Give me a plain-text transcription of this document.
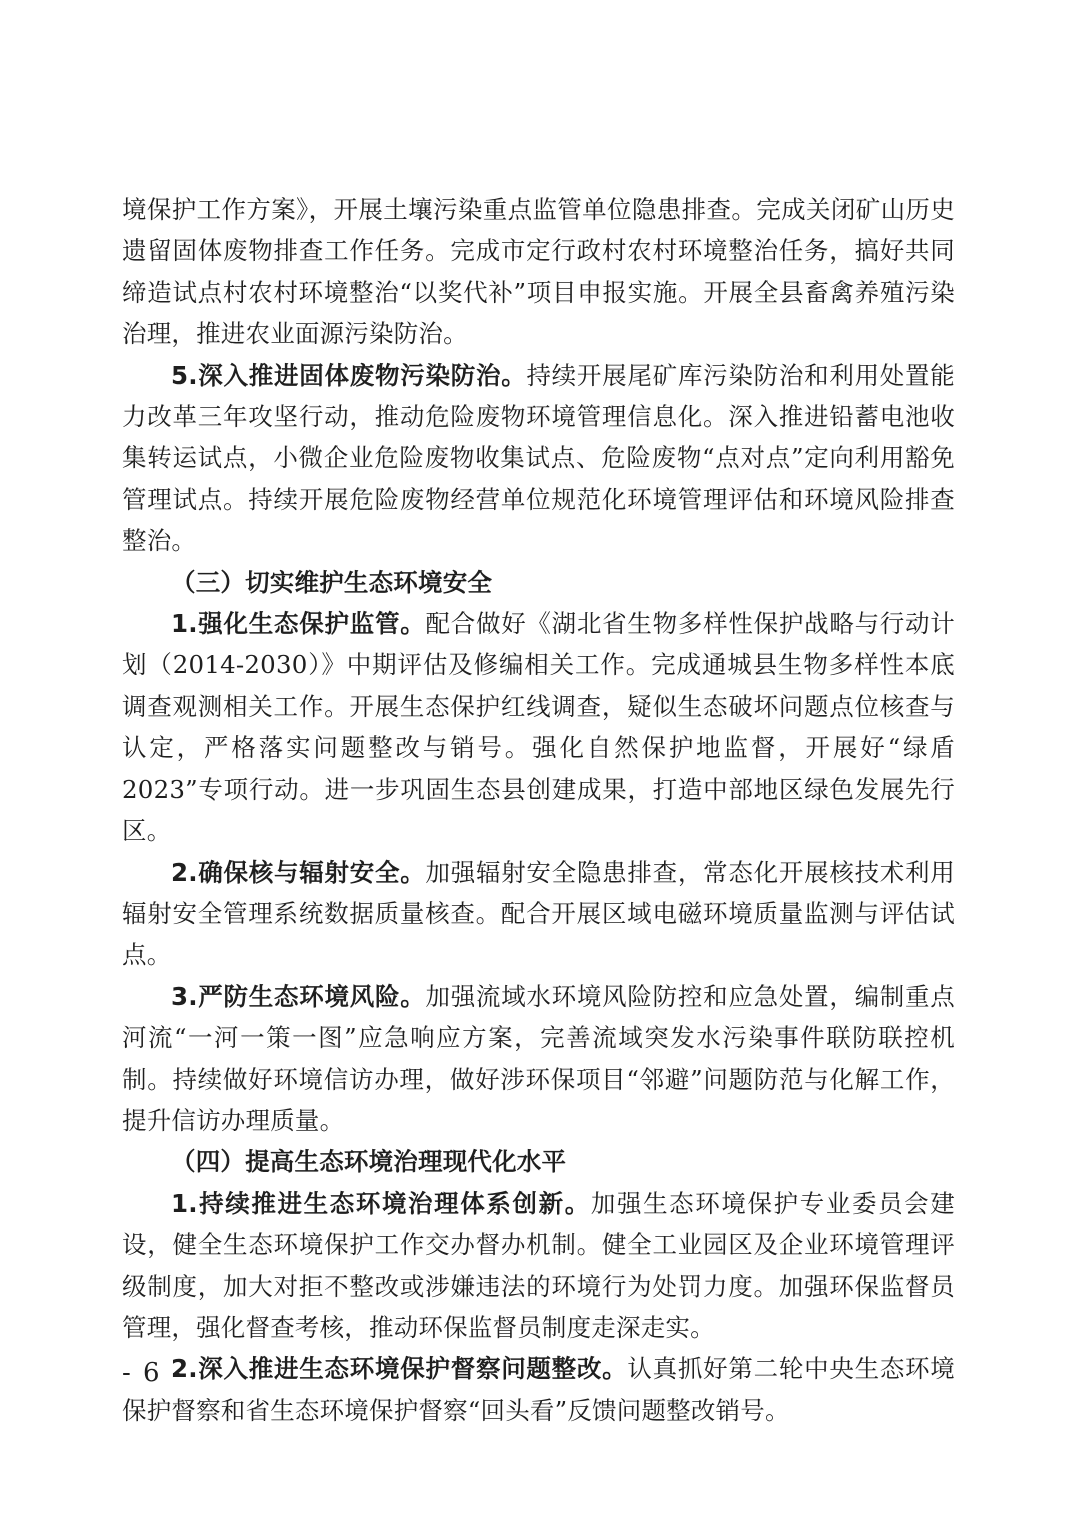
境保护工作方案》，开展土壤污染重点监管单位隐患排查。完成关闭矿山历史遗留固体废物排查工作任务。完成市定行政村农村环境整治任务，搞好共同缔造试点村农村环境整治“以奖代补”项目申报实施。开展全县畜禽养殖污染治理，推进农业面源污染防治。
5.深入推进固体废物污染防治。持续开展尾矿库污染防治和利用处置能力改革三年攻坚行动，推动危险废物环境管理信息化。深入推进铅蓄电池收集转运试点，小微企业危险废物收集试点、危险废物“点对点”定向利用豁免管理试点。持续开展危险废物经营单位规范化环境管理评估和环境风险排查整治。
（三）切实维护生态环境安全
1.强化生态保护监管。配合做好《湖北省生物多样性保护战略与行动计划（2014-2030）》中期评估及修编相关工作。完成通城县生物多样性本底调查观测相关工作。开展生态保护红线调查，疑似生态破坏问题点位核查与认定，严格落实问题整改与销号。强化自然保护地监督，开展好“绿盾 2023”专项行动。进一步巩固生态县创建成果，打造中部地区绿色发展先行区。
2.确保核与辐射安全。加强辐射安全隐患排查，常态化开展核技术利用辐射安全管理系统数据质量核查。配合开展区域电磁环境质量监测与评估试点。
3.严防生态环境风险。加强流域水环境风险防控和应急处置，编制重点河流“一河一策一图”应急响应方案，完善流域突发水污染事件联防联控机制。持续做好环境信访办理，做好涉环保项目“邻避”问题防范与化解工作，提升信访办理质量。
（四）提高生态环境治理现代化水平
1.持续推进生态环境治理体系创新。加强生态环境保护专业委员会建设，健全生态环境保护工作交办督办机制。健全工业园区及企业环境管理评级制度，加大对拒不整改或涉嫌违法的环境行为处罚力度。加强环保监督员管理，强化督查考核，推动环保监督员制度走深走实。
2.深入推进生态环境保护督察问题整改。认真抓好第二轮中央生态环境保护督察和省生态环境保护督察“回头看”反馈问题整改销号。
- 6 -
